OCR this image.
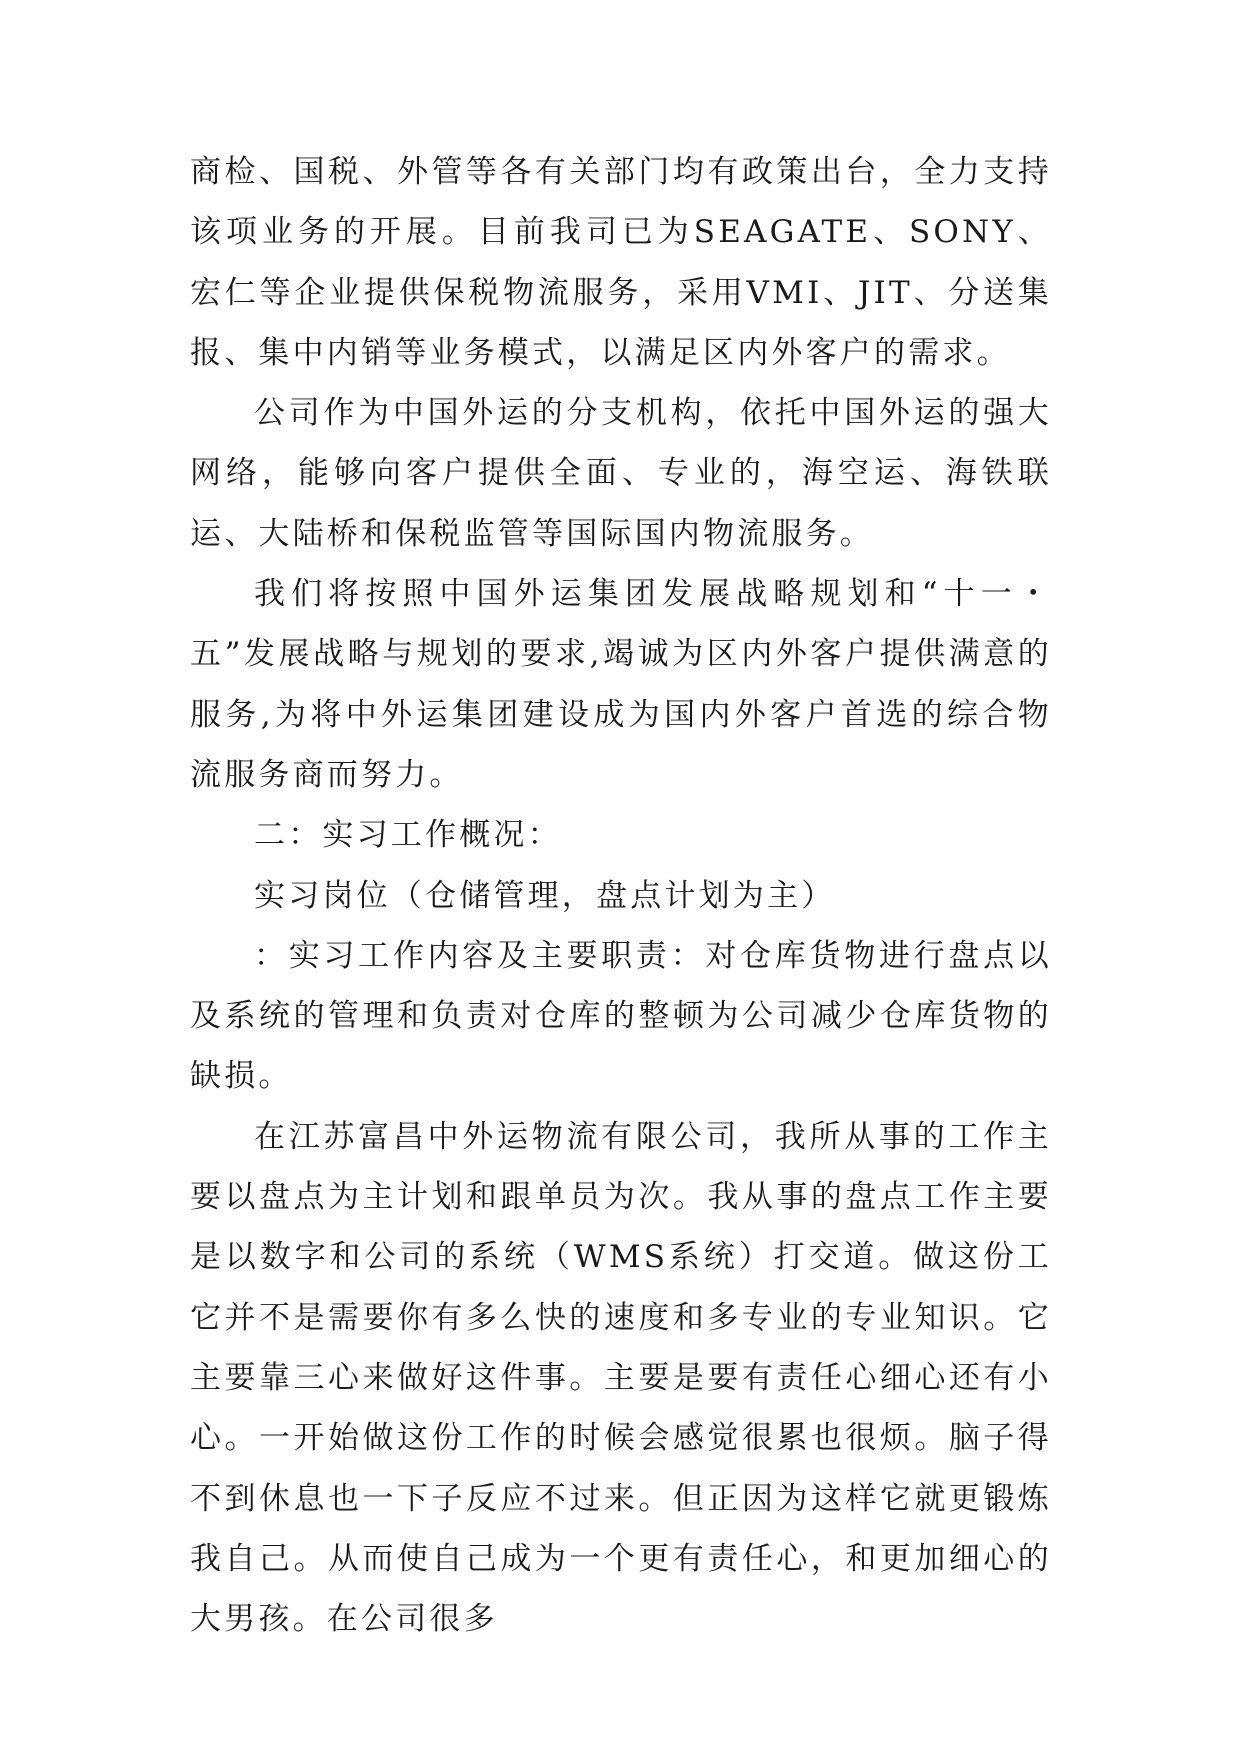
商检、国税、外管等各有关部门均有政策出台，全力支持该项业务的开展。目前我司已为SEAGATE、SONY、宏仁等企业提供保税物流服务，采用VMI、JIT、分送集报、集中内销等业务模式，以满足区内外客户的需求。

公司作为中国外运的分支机构，依托中国外运的强大网络，能够向客户提供全面、专业的，海空运、海铁联运、大陆桥和保税监管等国际国内物流服务。

我们将按照中国外运集团发展战略规划和“十一・五”发展战略与规划的要求,竭诚为区内外客户提供满意的服务,为将中外运集团建设成为国内外客户首选的综合物流服务商而努力。

二：实习工作概况：

实习岗位（仓储管理，盘点计划为主）

：实习工作内容及主要职责：对仓库货物进行盘点以及系统的管理和负责对仓库的整顿为公司减少仓库货物的缺损。

在江苏富昌中外运物流有限公司，我所从事的工作主要以盘点为主计划和跟单员为次。我从事的盘点工作主要是以数字和公司的系统（WMS系统）打交道。做这份工它并不是需要你有多么快的速度和多专业的专业知识。它主要靠三心来做好这件事。主要是要有责任心细心还有小心。一开始做这份工作的时候会感觉很累也很烦。脑子得不到休息也一下子反应不过来。但正因为这样它就更锻炼我自己。从而使自己成为一个更有责任心，和更加细心的大男孩。在公司很多
